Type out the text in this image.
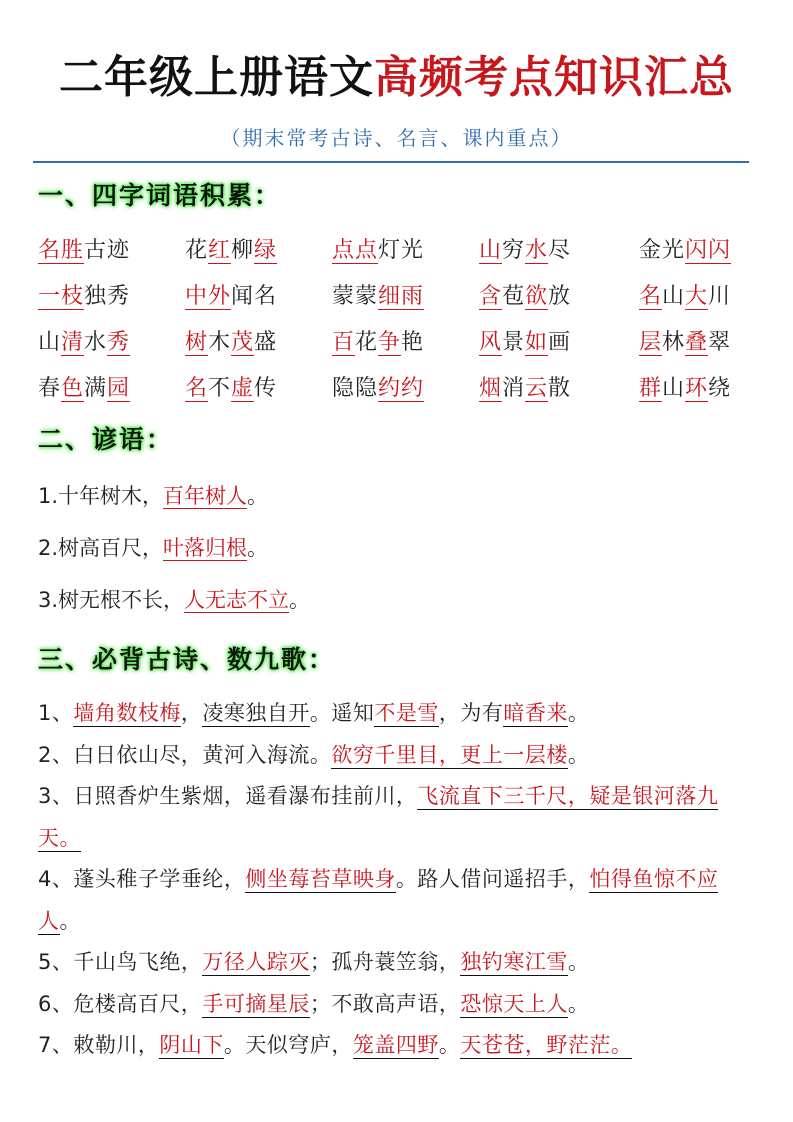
二年级上册语文高频考点知识汇总
（期末常考古诗、名言、课内重点）
一、四字词语积累：
名胜古迹	花红柳绿	点点灯光	山穷水尽	金光闪闪
一枝独秀	中外闻名	蒙蒙细雨	含苞欲放	名山大川
山清水秀	树木茂盛	百花争艳	风景如画	层林叠翠
春色满园	名不虚传	隐隐约约	烟消云散	群山环绕
二、谚语：
1.十年树木，百年树人。
2.树高百尺，叶落归根。
3.树无根不长，人无志不立。
三、必背古诗、数九歌：
1、墙角数枝梅，凌寒独自开。遥知不是雪，为有暗香来。
2、白日依山尽，黄河入海流。欲穷千里目，更上一层楼。
3、日照香炉生紫烟，遥看瀑布挂前川，飞流直下三千尺，疑是银河落九天。
4、蓬头稚子学垂纶，侧坐莓苔草映身。路人借问遥招手，怕得鱼惊不应人。
5、千山鸟飞绝，万径人踪灭；孤舟蓑笠翁，独钓寒江雪。
6、危楼高百尺，手可摘星辰；不敢高声语，恐惊天上人。
7、敕勒川，阴山下。天似穹庐，笼盖四野。天苍苍，野茫茫。
